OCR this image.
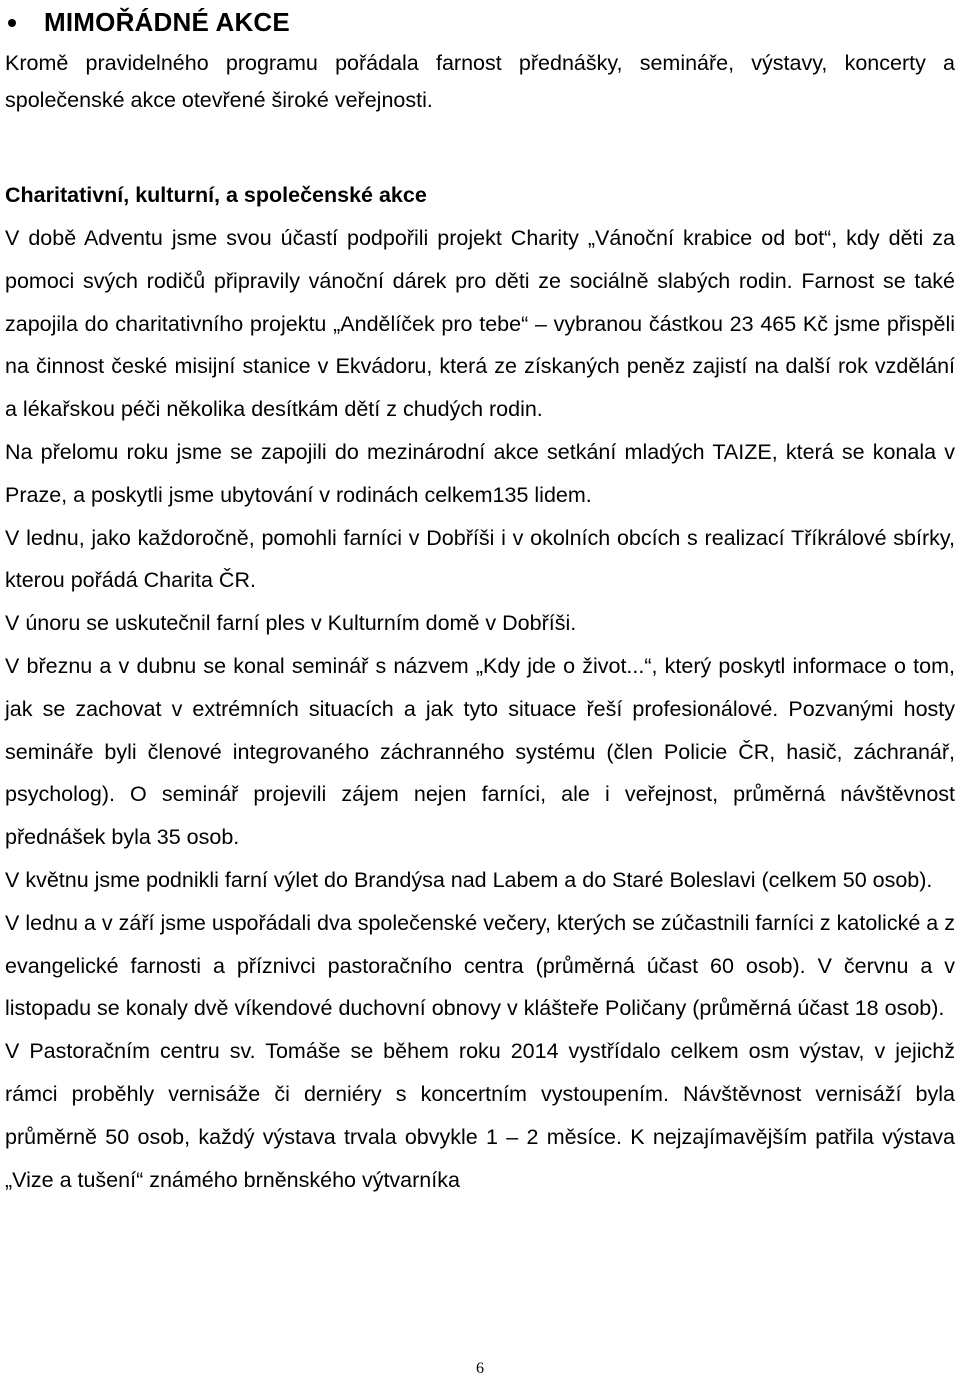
MIMOŘÁDNÉ AKCE

Kromě pravidelného programu pořádala farnost přednášky, semináře, výstavy, koncerty a společenské akce otevřené široké veřejnosti.

Charitativní, kulturní, a společenské akce

V době Adventu jsme svou účastí podpořili projekt Charity „Vánoční krabice od bot“, kdy děti za pomoci svých rodičů připravily vánoční dárek pro děti ze sociálně slabých rodin. Farnost se také zapojila do charitativního projektu „Andělíček pro tebe“ – vybranou částkou 23 465 Kč jsme přispěli na činnost české misijní stanice v Ekvádoru, která ze získaných peněz zajistí na další rok vzdělání a lékařskou péči několika desítkám dětí z chudých rodin.

Na přelomu roku jsme se zapojili do mezinárodní akce setkání mladých TAIZE, která se konala v Praze, a poskytli jsme ubytování v rodinách celkem135 lidem.

V lednu, jako každoročně, pomohli farníci v Dobříši i v okolních obcích s realizací Tříkrálové sbírky, kterou pořádá Charita ČR.

V únoru se uskutečnil farní ples v Kulturním domě v Dobříši.

V březnu a v dubnu se konal seminář s názvem „Kdy jde o život...“, který poskytl informace o tom, jak se zachovat v extrémních situacích a jak tyto situace řeší profesionálové. Pozvanými hosty semináře byli členové integrovaného záchranného systému (člen Policie ČR, hasič, záchranář, psycholog). O seminář projevili zájem nejen farníci, ale i veřejnost, průměrná návštěvnost přednášek byla 35 osob.

V květnu jsme podnikli farní výlet do Brandýsa nad Labem a do Staré Boleslavi (celkem 50 osob).

V lednu a v září jsme uspořádali dva společenské večery, kterých se zúčastnili farníci z katolické a z evangelické farnosti a příznivci pastoračního centra (průměrná účast 60 osob). V červnu a v listopadu se konaly dvě víkendové duchovní obnovy v klášteře Poličany (průměrná účast 18 osob).

V Pastoračním centru sv. Tomáše se během roku 2014 vystřídalo celkem osm výstav, v jejichž rámci proběhly vernisáže či derniéry s koncertním vystoupením. Návštěvnost vernisáží byla průměrně 50 osob, každý výstava trvala obvykle 1 – 2 měsíce. K nejzajímavějším patřila výstava „Vize a tušení“ známého brněnského výtvarníka

6
